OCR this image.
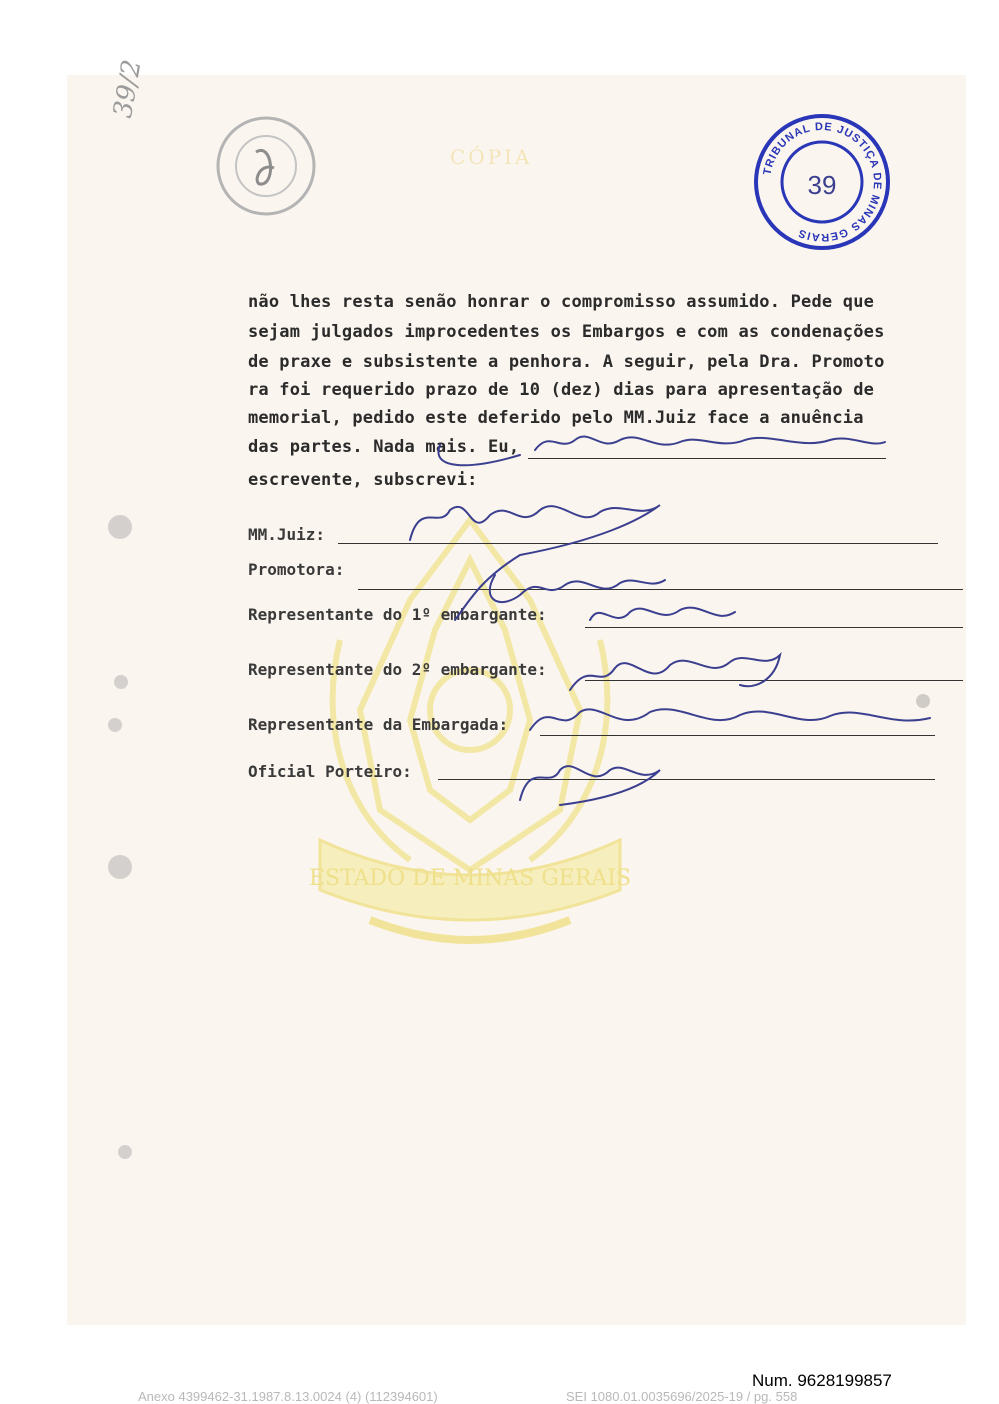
ESTADO DE MINAS GERAIS
CÓPIA
39/2
TRIBUNAL DE JUSTIÇA DE MINAS GERAIS
39
não lhes resta senão honrar o compromisso assumido. Pede que
sejam julgados improcedentes os Embargos e com as condenações
de praxe e subsistente a penhora. A seguir, pela Dra. Promoto
ra foi requerido prazo de 10 (dez) dias para apresentação de
memorial, pedido este deferido pelo MM.Juiz face a anuência
das partes. Nada mais. Eu,
escrevente, subscrevi:
MM.Juiz:
Promotora:
Representante do 1º embargante:
Representante do 2º embargante:
Representante da Embargada:
Oficial Porteiro:
Num. 9628199857
Anexo 4399462-31.1987.8.13.0024 (4) (112394601)	SEI 1080.01.0035696/2025-19 / pg. 558
